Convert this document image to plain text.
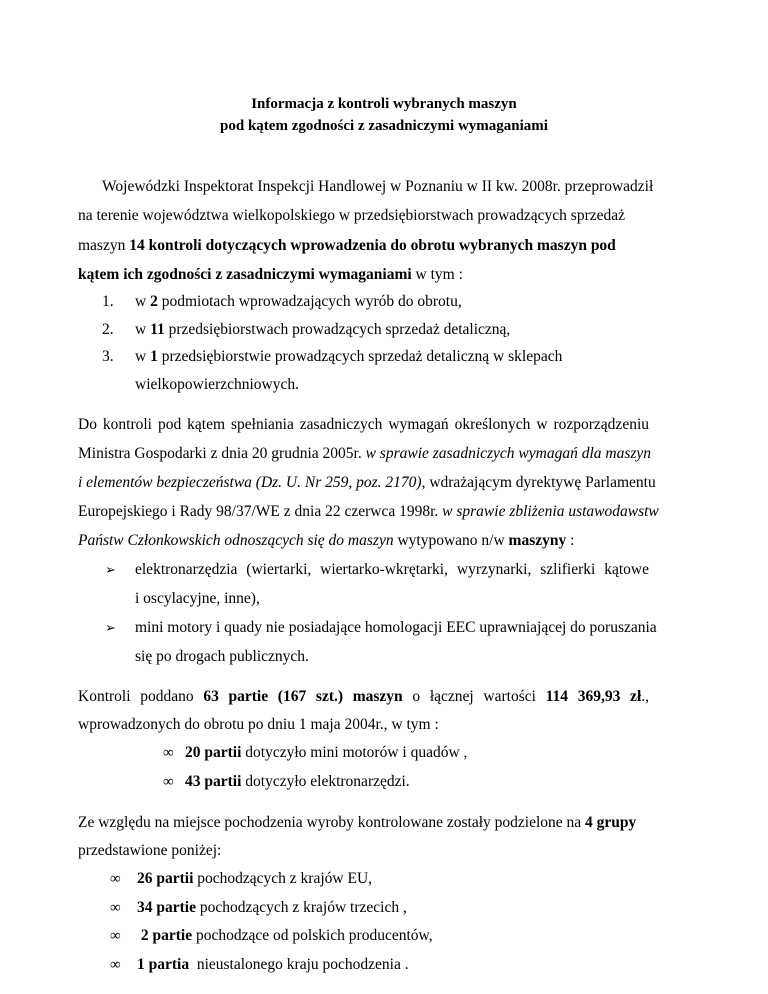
Informacja z kontroli wybranych maszyn
pod kątem zgodności z zasadniczymi wymaganiami
Wojewódzki Inspektorat Inspekcji Handlowej w Poznaniu w II kw. 2008r. przeprowadził
na terenie województwa wielkopolskiego w przedsiębiorstwach prowadzących sprzedaż
maszyn 14 kontroli dotyczących wprowadzenia do obrotu wybranych maszyn pod
kątem ich zgodności z zasadniczymi wymaganiami w tym :
1. w 2 podmiotach wprowadzających wyrób do obrotu,
2. w 11 przedsiębiorstwach prowadzących sprzedaż detaliczną,
3. w 1 przedsiębiorstwie prowadzących sprzedaż detaliczną w sklepach
wielkopowierzchniowych.
Do kontroli pod kątem spełniania zasadniczych wymagań określonych w rozporządzeniu
Ministra Gospodarki z dnia 20 grudnia 2005r. w sprawie zasadniczych wymagań dla maszyn
i elementów bezpieczeństwa (Dz. U. Nr 259, poz. 2170), wdrażającym dyrektywę Parlamentu
Europejskiego i Rady 98/37/WE z dnia 22 czerwca 1998r. w sprawie zbliżenia ustawodawstw
Państw Członkowskich odnoszących się do maszyn wytypowano n/w maszyny :
➢ elektronarzędzia (wiertarki, wiertarko-wkrętarki, wyrzynarki, szlifierki kątowe
i oscylacyjne, inne),
➢ mini motory i quady nie posiadające homologacji EEC uprawniającej do poruszania
się po drogach publicznych.
Kontroli poddano 63 partie (167 szt.) maszyn o łącznej wartości 114 369,93 zł.,
wprowadzonych do obrotu po dniu 1 maja 2004r., w tym :
∞ 20 partii dotyczyło mini motorów i quadów ,
∞ 43 partii dotyczyło elektronarzędzi.
Ze względu na miejsce pochodzenia wyroby kontrolowane zostały podzielone na 4 grupy
przedstawione poniżej:
∞ 26 partii pochodzących z krajów EU,
∞ 34 partie pochodzących z krajów trzecich ,
∞ 2 partie pochodzące od polskich producentów,
∞ 1 partia  nieustalonego kraju pochodzenia .
